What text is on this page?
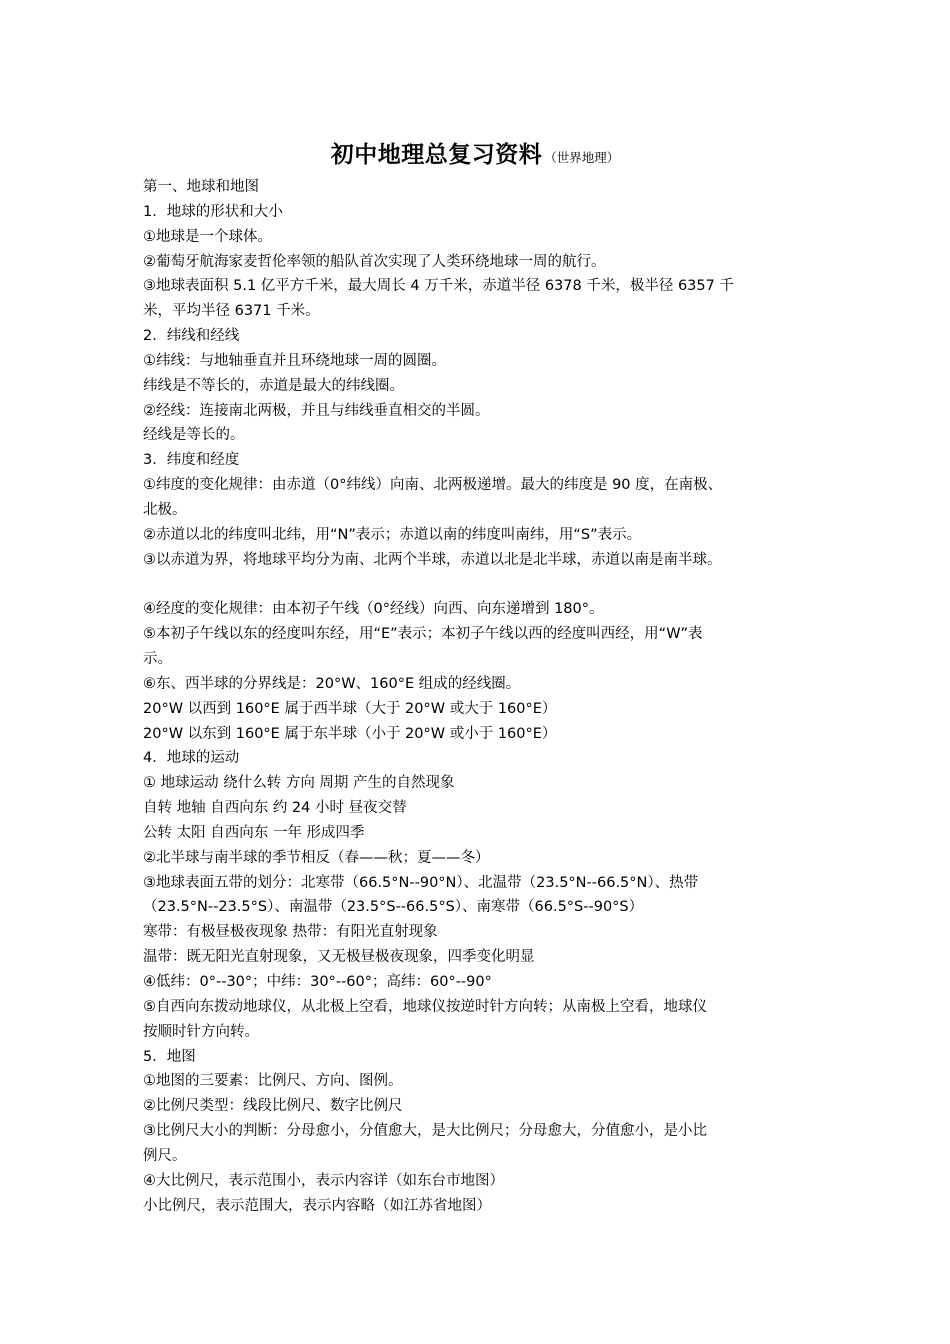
初中地理总复习资料 （世界地理）
第一、地球和地图
1．地球的形状和大小
①地球是一个球体。
②葡萄牙航海家麦哲伦率领的船队首次实现了人类环绕地球一周的航行。
③地球表面积 5.1 亿平方千米，最大周长 4 万千米，赤道半径 6378 千米，极半径 6357 千
米，平均半径 6371 千米。
2．纬线和经线
①纬线：与地轴垂直并且环绕地球一周的圆圈。
纬线是不等长的，赤道是最大的纬线圈。
②经线：连接南北两极，并且与纬线垂直相交的半圆。
经线是等长的。
3．纬度和经度
①纬度的变化规律：由赤道（0°纬线）向南、北两极递增。最大的纬度是 90 度，在南极、
北极。
②赤道以北的纬度叫北纬，用“N”表示；赤道以南的纬度叫南纬，用“S”表示。
③以赤道为界，将地球平均分为南、北两个半球，赤道以北是北半球，赤道以南是南半球。
④经度的变化规律：由本初子午线（0°经线）向西、向东递增到 180°。
⑤本初子午线以东的经度叫东经，用“E”表示；本初子午线以西的经度叫西经，用“W”表
示。
⑥东、西半球的分界线是：20°W、160°E 组成的经线圈。
20°W 以西到 160°E 属于西半球（大于 20°W 或大于 160°E）
20°W 以东到 160°E 属于东半球（小于 20°W 或小于 160°E）
4．地球的运动
① 地球运动 绕什么转 方向 周期 产生的自然现象
自转 地轴 自西向东 约 24 小时 昼夜交替
公转 太阳 自西向东 一年 形成四季
②北半球与南半球的季节相反（春——秋；夏——冬）
③地球表面五带的划分：北寒带（66.5°N--90°N）、北温带（23.5°N--66.5°N）、热带
（23.5°N--23.5°S）、南温带（23.5°S--66.5°S）、南寒带（66.5°S--90°S）
寒带：有极昼极夜现象 热带：有阳光直射现象
温带：既无阳光直射现象，又无极昼极夜现象，四季变化明显
④低纬：0°--30°；中纬：30°--60°；高纬：60°--90°
⑤自西向东拨动地球仪，从北极上空看，地球仪按逆时针方向转；从南极上空看，地球仪
按顺时针方向转。
5．地图
①地图的三要素：比例尺、方向、图例。
②比例尺类型：线段比例尺、数字比例尺
③比例尺大小的判断：分母愈小，分值愈大，是大比例尺；分母愈大，分值愈小，是小比
例尺。
④大比例尺，表示范围小，表示内容详（如东台市地图）
小比例尺，表示范围大，表示内容略（如江苏省地图）
